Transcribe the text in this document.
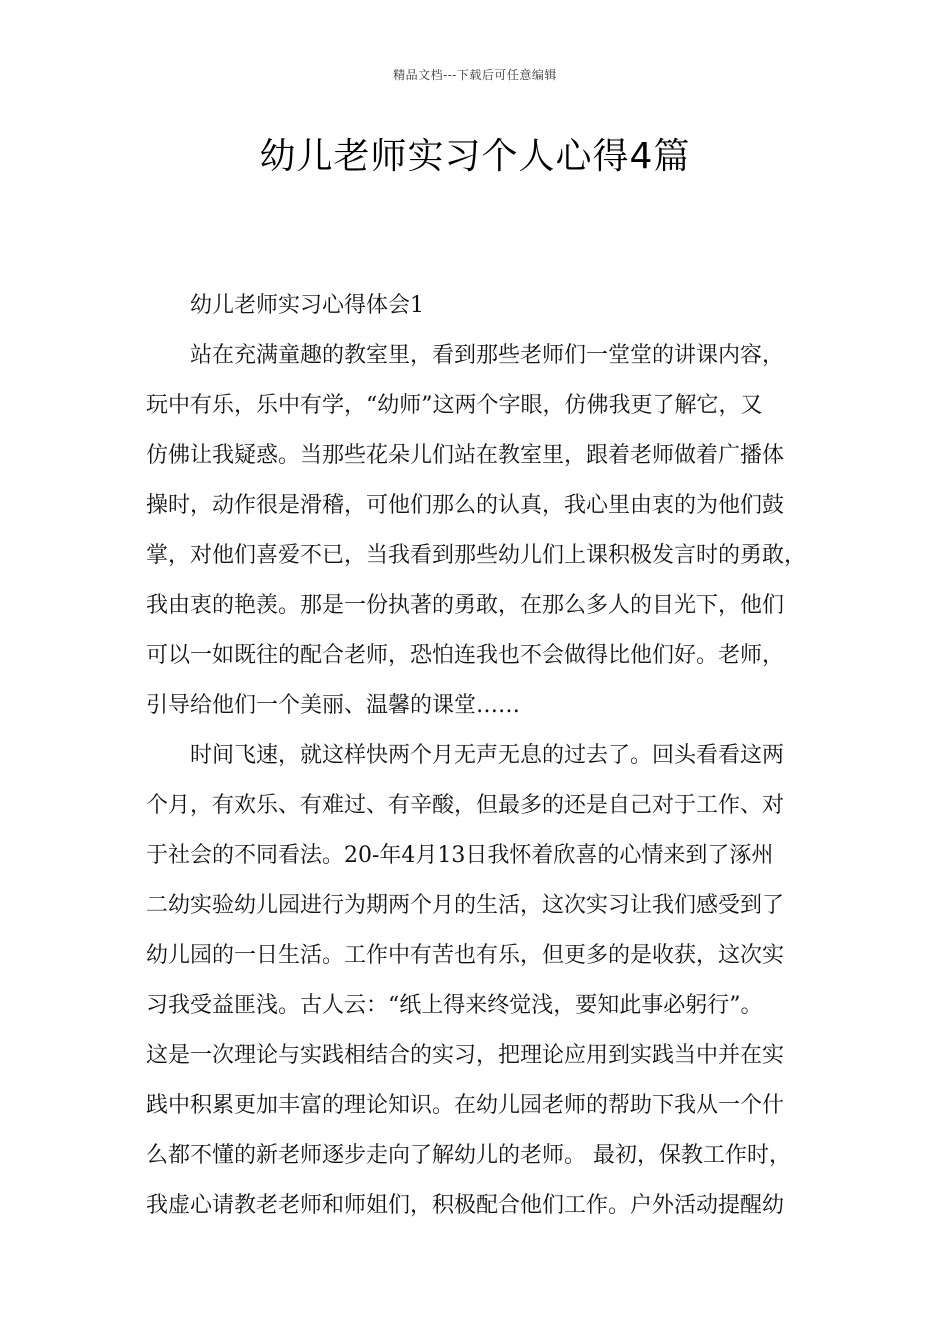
精品文档---下载后可任意编辑
幼儿老师实习个人心得4篇
幼儿老师实习心得体会1
站在充满童趣的教室里，看到那些老师们一堂堂的讲课内容，
玩中有乐，乐中有学，“幼师”这两个字眼，仿佛我更了解它，又
仿佛让我疑惑。当那些花朵儿们站在教室里，跟着老师做着广播体
操时，动作很是滑稽，可他们那么的认真，我心里由衷的为他们鼓
掌，对他们喜爱不已，当我看到那些幼儿们上课积极发言时的勇敢，
我由衷的艳羡。那是一份执著的勇敢，在那么多人的目光下，他们
可以一如既往的配合老师，恐怕连我也不会做得比他们好。老师，
引导给他们一个美丽、温馨的课堂……
时间飞速，就这样快两个月无声无息的过去了。回头看看这两
个月，有欢乐、有难过、有辛酸，但最多的还是自己对于工作、对
于社会的不同看法。20-年4月13日我怀着欣喜的心情来到了涿州
二幼实验幼儿园进行为期两个月的生活，这次实习让我们感受到了
幼儿园的一日生活。工作中有苦也有乐，但更多的是收获，这次实
习我受益匪浅。古人云：“纸上得来终觉浅，要知此事必躬行”。
这是一次理论与实践相结合的实习，把理论应用到实践当中并在实
践中积累更加丰富的理论知识。在幼儿园老师的帮助下我从一个什
么都不懂的新老师逐步走向了解幼儿的老师。 最初，保教工作时，
我虚心请教老老师和师姐们，积极配合他们工作。户外活动提醒幼
